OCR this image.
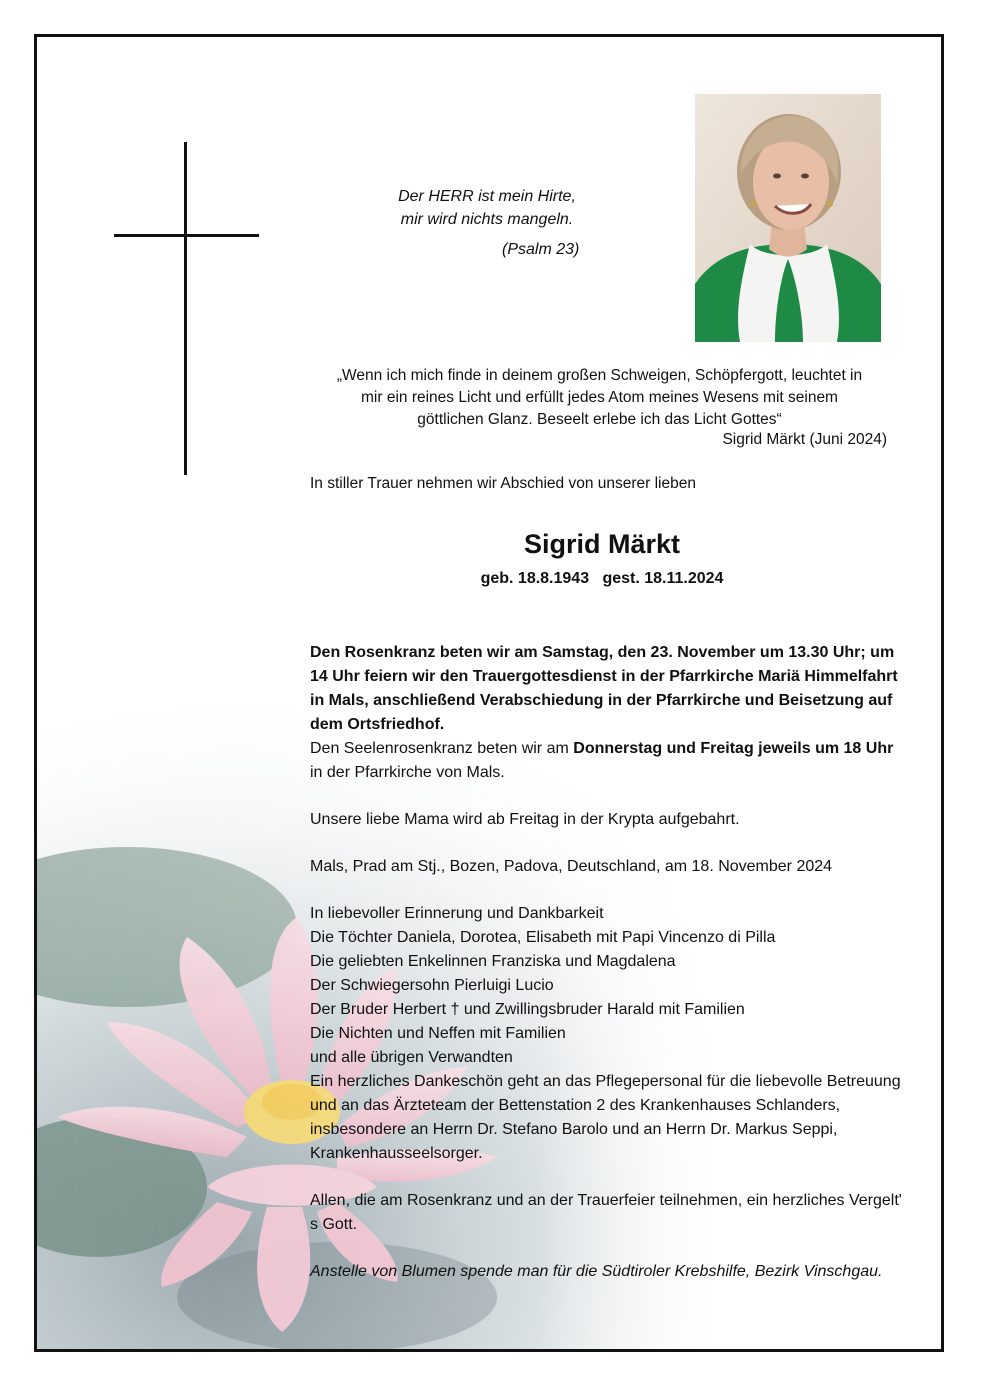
Der HERR ist mein Hirte,
mir wird nichts mangeln.
(Psalm 23)
„Wenn ich mich finde in deinem großen Schweigen, Schöpfergott, leuchtet in
mir ein reines Licht und erfüllt jedes Atom meines Wesens mit seinem
göttlichen Glanz. Beseelt erlebe ich das Licht Gottes“
Sigrid Märkt (Juni 2024)
In stiller Trauer nehmen wir Abschied von unserer lieben
Sigrid Märkt
geb. 18.8.1943 gest. 18.11.2024

Den Rosenkranz beten wir am Samstag, den 23. November um 13.30 Uhr; um 14 Uhr feiern wir den Trauergottesdienst in der Pfarrkirche Mariä Himmelfahrt in Mals, anschließend Verabschiedung in der Pfarrkirche und Beisetzung auf dem Ortsfriedhof.
Den Seelenrosenkranz beten wir am Donnerstag und Freitag jeweils um 18 Uhr in der Pfarrkirche von Mals.

Unsere liebe Mama wird ab Freitag in der Krypta aufgebahrt.

Mals, Prad am Stj., Bozen, Padova, Deutschland, am 18. November 2024

In liebevoller Erinnerung und Dankbarkeit
Die Töchter Daniela, Dorotea, Elisabeth mit Papi Vincenzo di Pilla
Die geliebten Enkelinnen Franziska und Magdalena
Der Schwiegersohn Pierluigi Lucio
Der Bruder Herbert † und Zwillingsbruder Harald mit Familien
Die Nichten und Neffen mit Familien
und alle übrigen Verwandten

Ein herzliches Dankeschön geht an das Pflegepersonal für die liebevolle Betreuung und an das Ärzteteam der Bettenstation 2 des Krankenhauses Schlanders, insbesondere an Herrn Dr. Stefano Barolo und an Herrn Dr. Markus Seppi, Krankenhausseelsorger.

Allen, die am Rosenkranz und an der Trauerfeier teilnehmen, ein herzliches Vergelt' s Gott.

Anstelle von Blumen spende man für die Südtiroler Krebshilfe, Bezirk Vinschgau.
